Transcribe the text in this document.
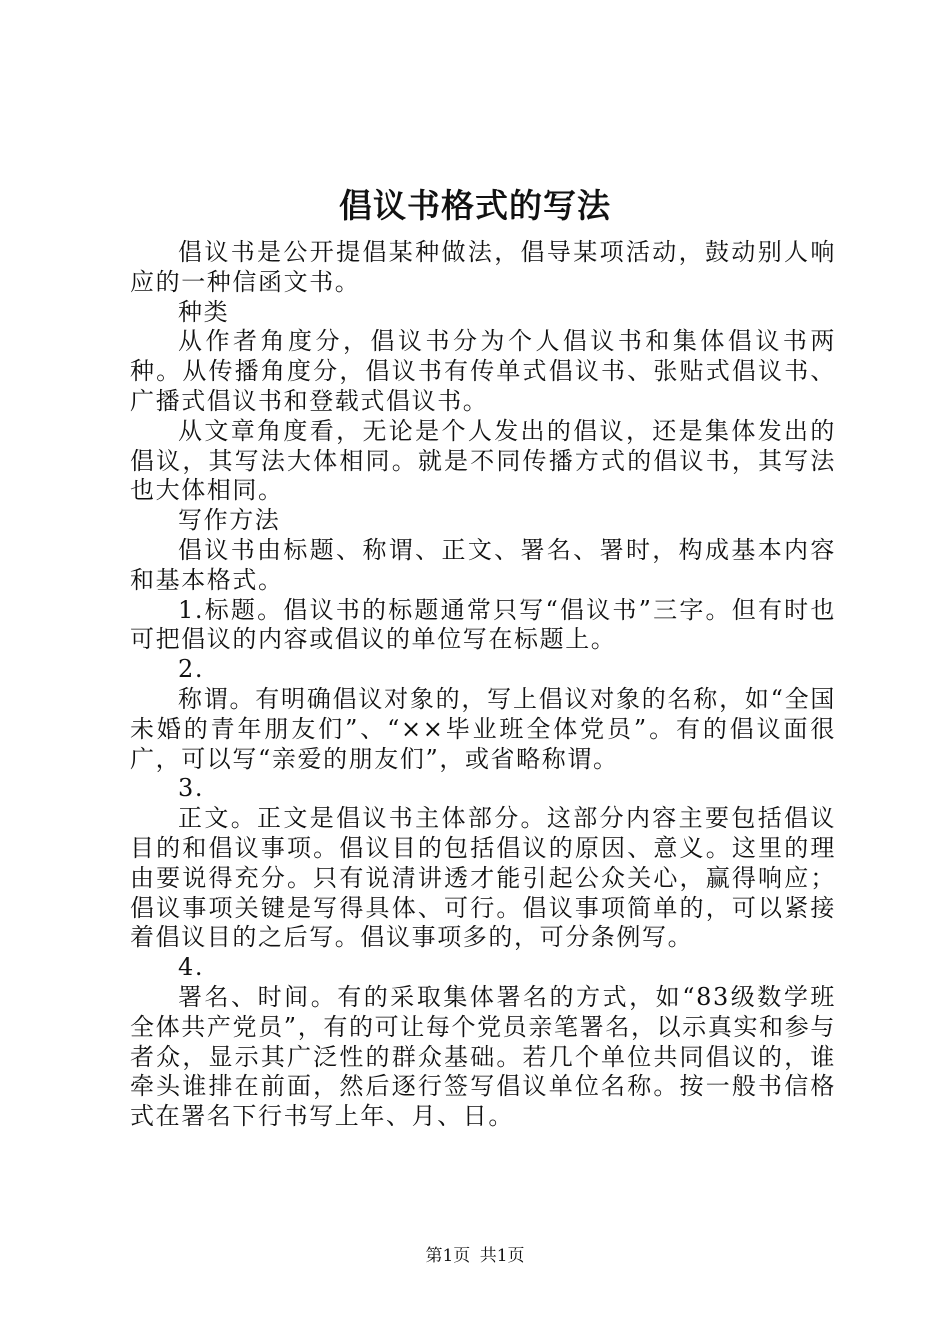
倡议书格式的写法

倡议书是公开提倡某种做法，倡导某项活动，鼓动别人响应的一种信函文书。

种类

从作者角度分，倡议书分为个人倡议书和集体倡议书两种。从传播角度分，倡议书有传单式倡议书、张贴式倡议书、广播式倡议书和登载式倡议书。

从文章角度看，无论是个人发出的倡议，还是集体发出的倡议，其写法大体相同。就是不同传播方式的倡议书，其写法也大体相同。

写作方法

倡议书由标题、称谓、正文、署名、署时，构成基本内容和基本格式。

1.标题。倡议书的标题通常只写“倡议书”三字。但有时也可把倡议的内容或倡议的单位写在标题上。

2.

称谓。有明确倡议对象的，写上倡议对象的名称，如“全国未婚的青年朋友们”、“××毕业班全体党员”。有的倡议面很广，可以写“亲爱的朋友们”，或省略称谓。

3.

正文。正文是倡议书主体部分。这部分内容主要包括倡议目的和倡议事项。倡议目的包括倡议的原因、意义。这里的理由要说得充分。只有说清讲透才能引起公众关心，赢得响应；倡议事项关键是写得具体、可行。倡议事项简单的，可以紧接着倡议目的之后写。倡议事项多的，可分条例写。

4.

署名、时间。有的采取集体署名的方式，如“83级数学班全体共产党员”，有的可让每个党员亲笔署名，以示真实和参与者众，显示其广泛性的群众基础。若几个单位共同倡议的，谁牵头谁排在前面，然后逐行签写倡议单位名称。按一般书信格式在署名下行书写上年、月、日。

第1页 共1页
